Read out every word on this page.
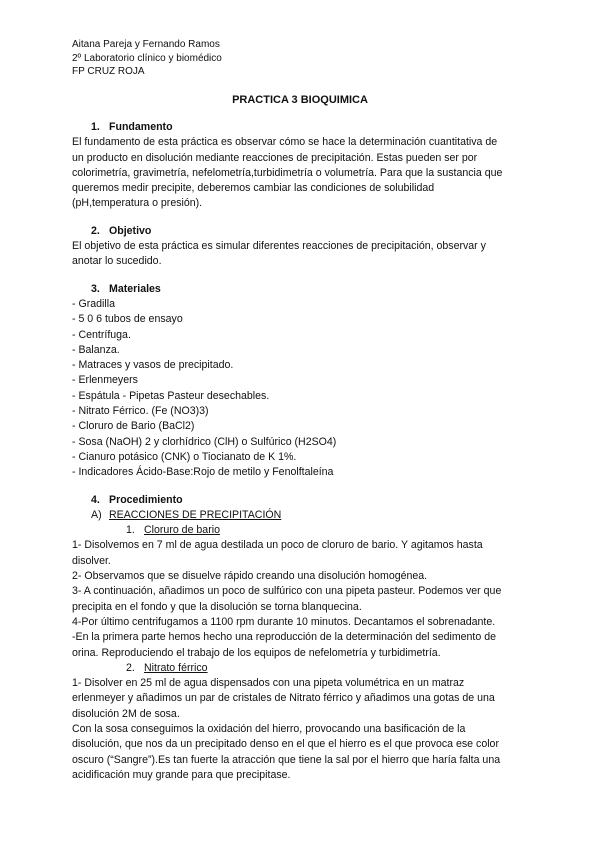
Aitana Pareja y Fernando Ramos
2º Laboratorio clínico y biomédico
FP CRUZ ROJA
PRACTICA 3 BIOQUIMICA
1. Fundamento
El fundamento de esta práctica es observar cómo se hace la determinación cuantitativa de
un producto en disolución mediante reacciones de precipitación. Estas pueden ser por
colorimetría, gravimetría, nefelometría,turbidimetría o volumetría. Para que la sustancia que
queremos medir precipite, deberemos cambiar las condiciones de solubilidad
(pH,temperatura o presión).
2. Objetivo
El objetivo de esta práctica es simular diferentes reacciones de precipitación, observar y
anotar lo sucedido.
3. Materiales
- Gradilla
- 5 0 6 tubos de ensayo
- Centrífuga.
- Balanza.
- Matraces y vasos de precipitado.
- Erlenmeyers
- Espátula - Pipetas Pasteur desechables.
- Nitrato Férrico. (Fe (NO3)3)
- Cloruro de Bario (BaCl2)
- Sosa (NaOH) 2 y clorhídrico (ClH) o Sulfúrico (H2SO4)
- Cianuro potásico (CNK) o Tiocianato de K 1%.
- Indicadores Ácido-Base:Rojo de metilo y Fenolftaleína
4. Procedimiento
A) REACCIONES DE PRECIPITACIÓN
1. Cloruro de bario
1- Disolvemos en 7 ml de agua destilada un poco de cloruro de bario. Y agitamos hasta
disolver.
2- Observamos que se disuelve rápido creando una disolución homogénea.
3- A continuación, añadimos un poco de sulfúrico con una pipeta pasteur. Podemos ver que
precipita en el fondo y que la disolución se torna blanquecina.
4-Por último centrifugamos a 1100 rpm durante 10 minutos. Decantamos el sobrenadante.
-En la primera parte hemos hecho una reproducción de la determinación del sedimento de
orina. Reproduciendo el trabajo de los equipos de nefelometría y turbidimetría.
2. Nitrato férrico
1- Disolver en 25 ml de agua dispensados con una pipeta volumétrica en un matraz
erlenmeyer y añadimos un par de cristales de Nitrato férrico y añadimos una gotas de una
disolución 2M de sosa.
Con la sosa conseguimos la oxidación del hierro, provocando una basificación de la
disolución, que nos da un precipitado denso en el que el hierro es el que provoca ese color
oscuro (“Sangre”).Es tan fuerte la atracción que tiene la sal por el hierro que haría falta una
acidificación muy grande para que precipitase.
